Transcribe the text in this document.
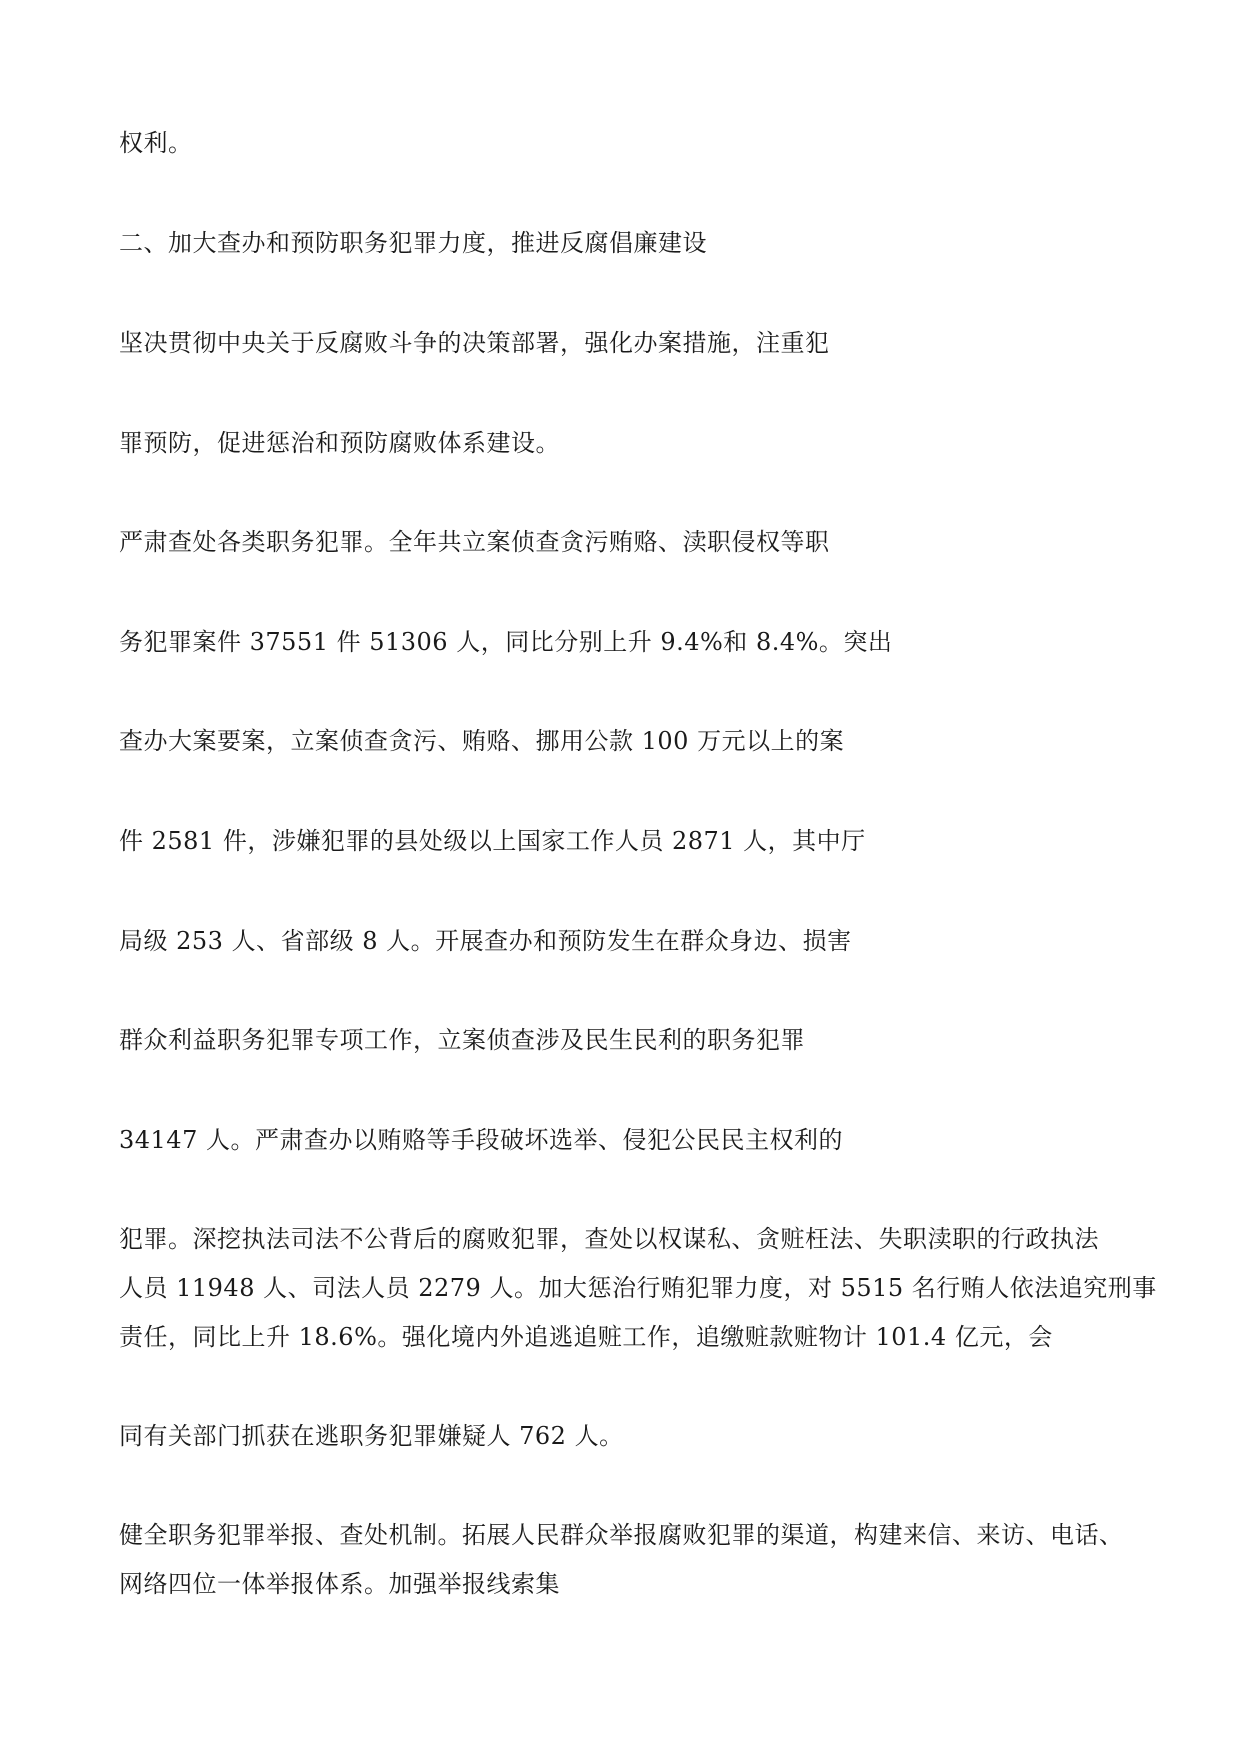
权利。

二、加大查办和预防职务犯罪力度，推进反腐倡廉建设

坚决贯彻中央关于反腐败斗争的决策部署，强化办案措施，注重犯

罪预防，促进惩治和预防腐败体系建设。

严肃查处各类职务犯罪。全年共立案侦查贪污贿赂、渎职侵权等职

务犯罪案件 37551 件 51306 人，同比分别上升 9.4%和 8.4%。突出

查办大案要案，立案侦查贪污、贿赂、挪用公款 100 万元以上的案

件 2581 件，涉嫌犯罪的县处级以上国家工作人员 2871 人，其中厅

局级 253 人、省部级 8 人。开展查办和预防发生在群众身边、损害

群众利益职务犯罪专项工作，立案侦查涉及民生民利的职务犯罪

34147 人。严肃查办以贿赂等手段破坏选举、侵犯公民民主权利的

犯罪。深挖执法司法不公背后的腐败犯罪，查处以权谋私、贪赃枉法、失职渎职的行政执法

人员 11948 人、司法人员 2279 人。加大惩治行贿犯罪力度，对 5515 名行贿人依法追究刑事

责任，同比上升 18.6%。强化境内外追逃追赃工作，追缴赃款赃物计 101.4 亿元，会

同有关部门抓获在逃职务犯罪嫌疑人 762 人。

健全职务犯罪举报、查处机制。拓展人民群众举报腐败犯罪的渠道，构建来信、来访、电话、

网络四位一体举报体系。加强举报线索集
